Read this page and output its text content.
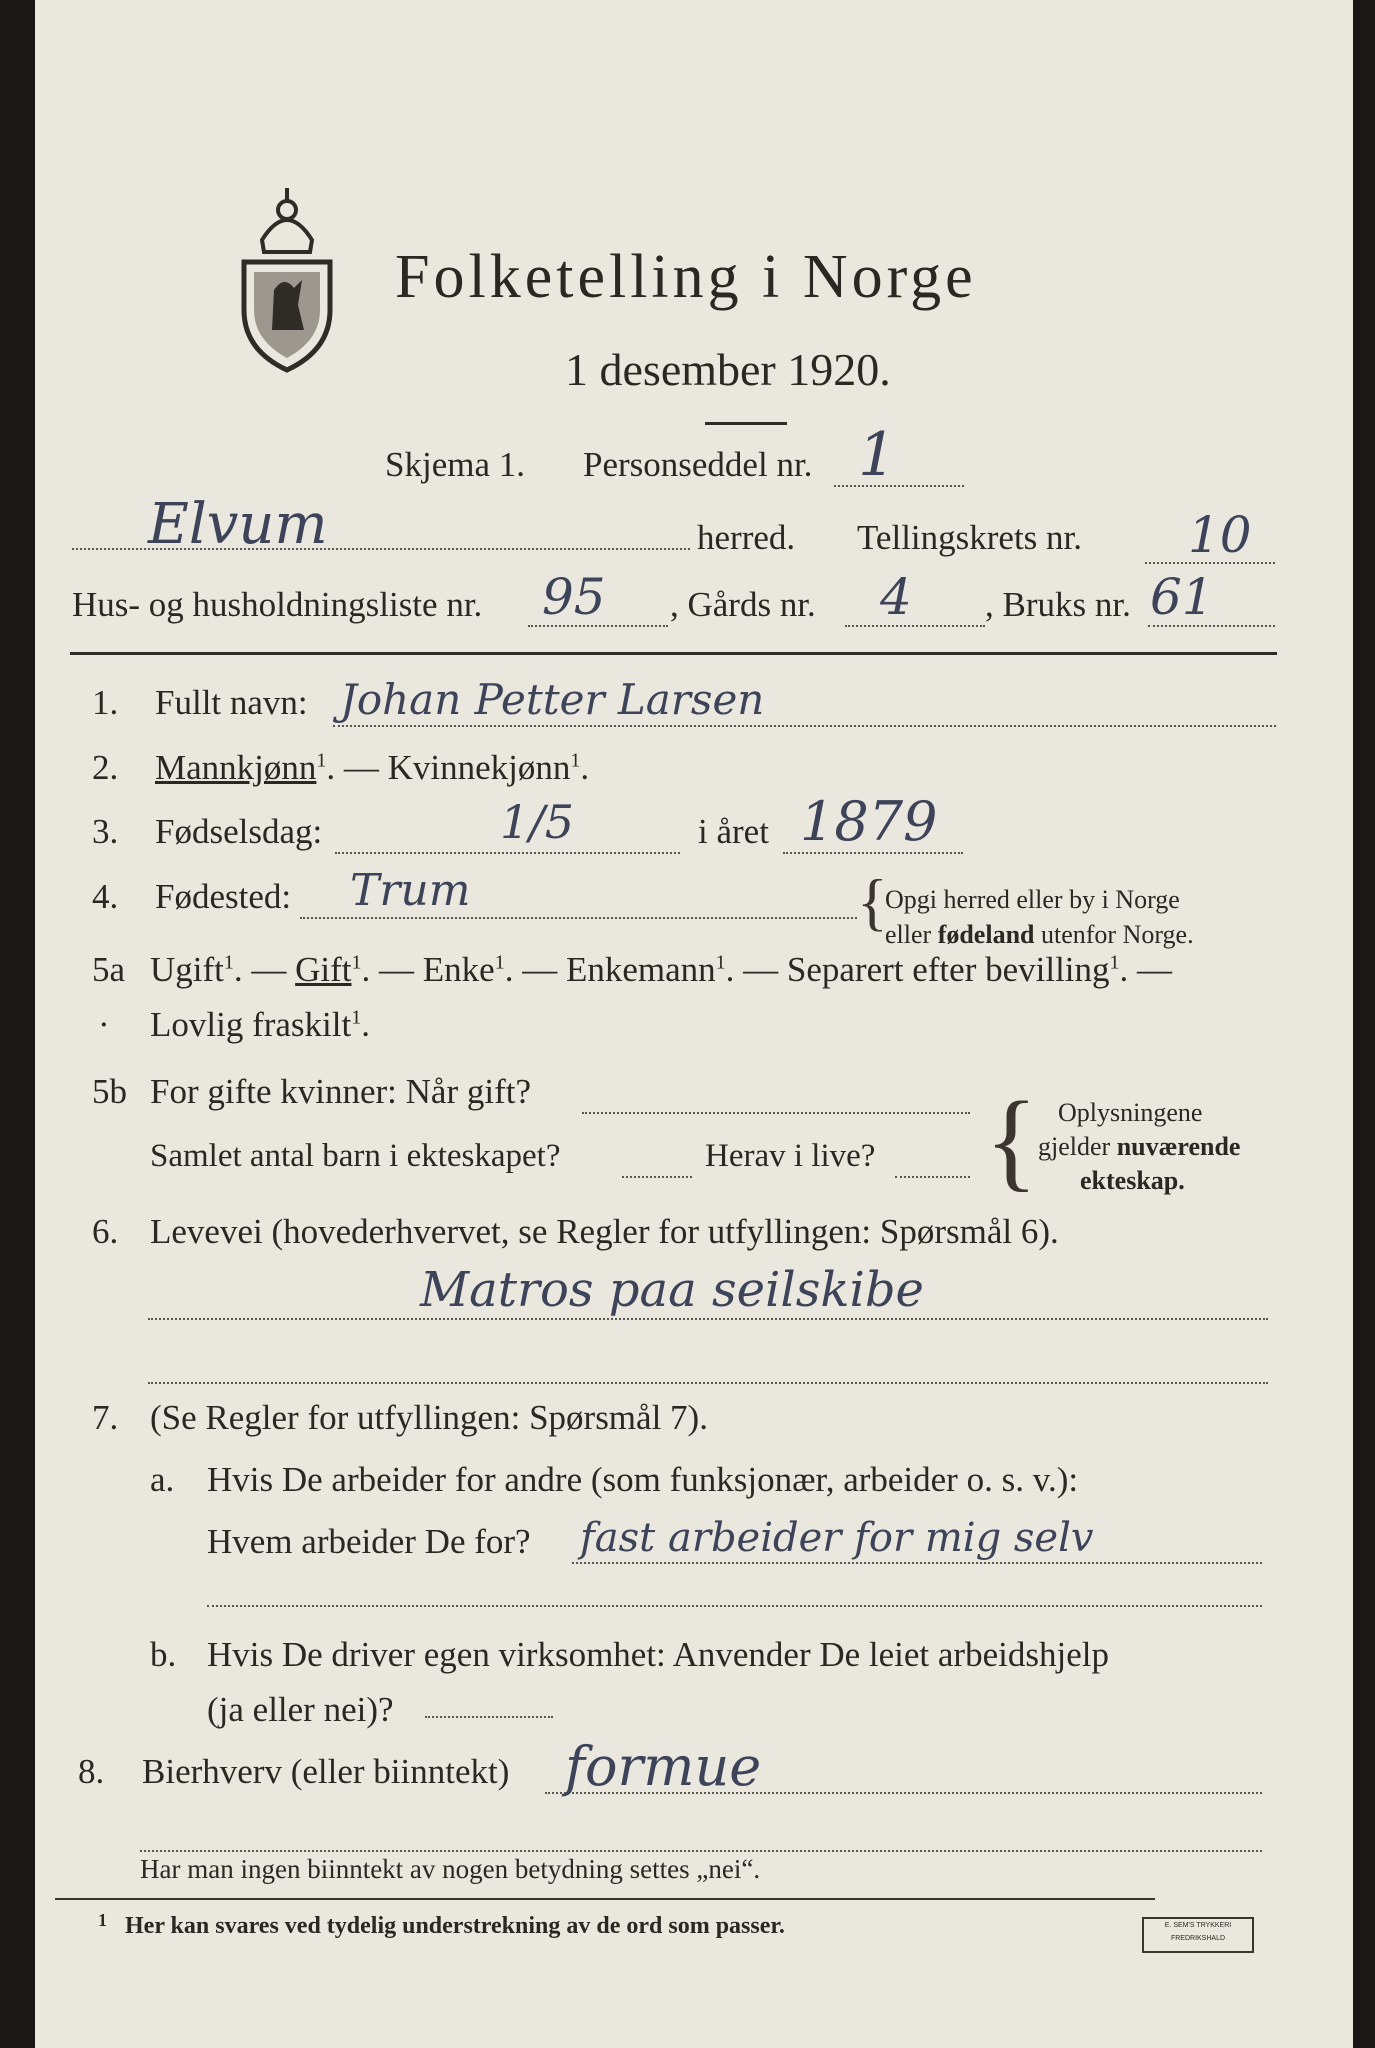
Folketelling i Norge
1 desember 1920.
Skjema 1. Personseddel nr. 1
Elvum	herred. Tellingskrets nr. 10
Hus- og husholdningsliste nr. 95 , Gårds nr. 4 , Bruks nr. 61
1. Fullt navn: Johan Petter Larsen
2. Mannkjønn$^1$. — Kvinnekjønn$^1$.
3. Fødselsdag:	1/5	i året 1879
4. Fødested: Trum	{
Opgi herred eller by i Norge
eller fødeland utenfor Norge.
5a Ugift$^1$. — Gift$^1$. — Enke$^1$. — Enkemann$^1$. — Separert efter bevilling$^1$. —
· Lovlig fraskilt$^1$.
5b For gifte kvinner: Når gift?
Samlet antal barn i ekteskapet?	Herav i live? { Oplysningene
gjelder nuværende
ekteskap.
6. Levevei (hovederhvervet, se Regler for utfyllingen: Spørsmål 6).
Matros paa seilskibe
7. (Se Regler for utfyllingen: Spørsmål 7).
a. Hvis De arbeider for andre (som funksjonær, arbeider o. s. v.):
Hvem arbeider De for? fast arbeider for mig selv
b. Hvis De driver egen virksomhet: Anvender De leiet arbeidshjelp
(ja eller nei)?
8. Bierhverv (eller biinntekt) formue
Har man ingen biinntekt av nogen betydning settes „nei“.
1 Her kan svares ved tydelig understrekning av de ord som passer.	E. SEM'S TRYKKERI FREDRIKSHALD
